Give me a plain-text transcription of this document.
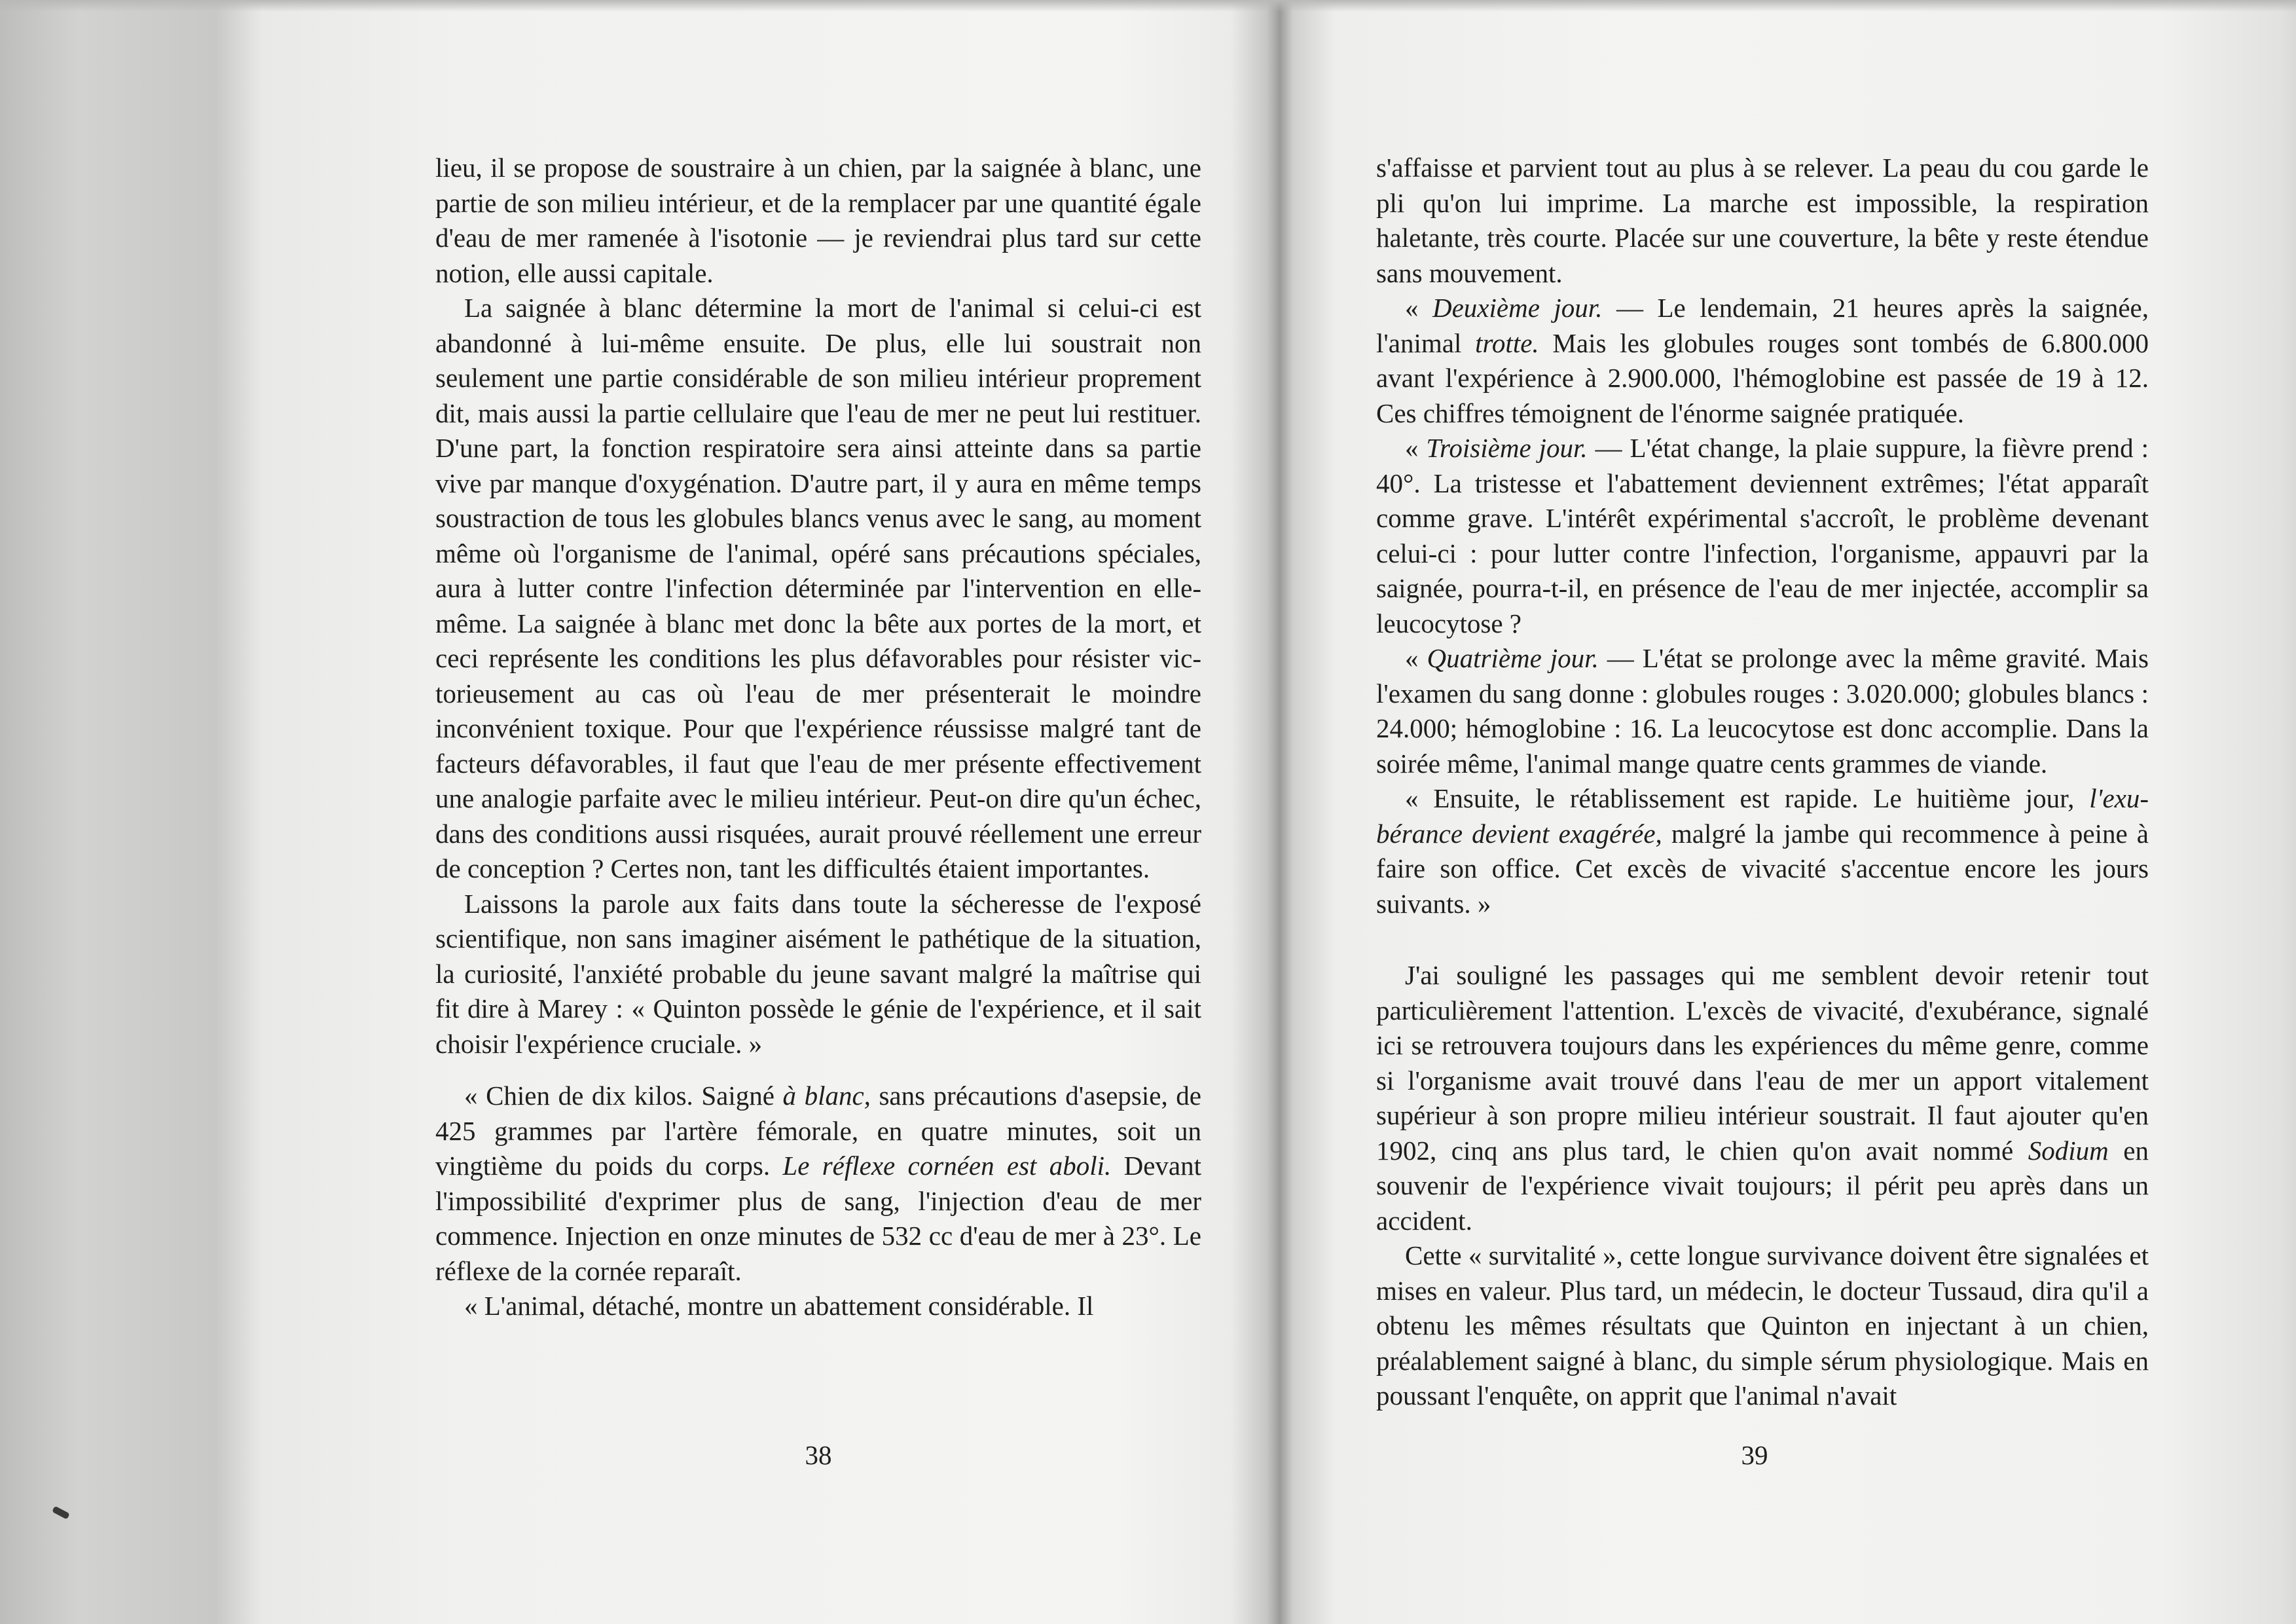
lieu, il se propose de soustraire à un chien, par la saignée à blanc, une partie de son milieu intérieur, et de la remplacer par une quantité égale d'eau de mer ramenée à l'isotonie — je reviendrai plus tard sur cette notion, elle aussi capitale.

La saignée à blanc détermine la mort de l'animal si celui-ci est abandonné à lui-même ensuite. De plus, elle lui soustrait non seulement une partie considérable de son milieu intérieur proprement dit, mais aussi la partie cellulaire que l'eau de mer ne peut lui restituer. D'une part, la fonction respiratoire sera ainsi atteinte dans sa partie vive par manque d'oxygénation. D'autre part, il y aura en même temps soustraction de tous les globules blancs venus avec le sang, au moment même où l'organisme de l'animal, opéré sans précautions spéciales, aura à lutter contre l'infection déterminée par l'intervention en elle-même. La saignée à blanc met donc la bête aux portes de la mort, et ceci représente les conditions les plus défavorables pour résister victorieusement au cas où l'eau de mer présenterait le moindre inconvénient toxique. Pour que l'expérience réussisse malgré tant de facteurs défavorables, il faut que l'eau de mer présente effectivement une analogie parfaite avec le milieu intérieur. Peut-on dire qu'un échec, dans des conditions aussi risquées, aurait prouvé réellement une erreur de conception ? Certes non, tant les difficultés étaient importantes.

Laissons la parole aux faits dans toute la sécheresse de l'exposé scientifique, non sans imaginer aisément le pathétique de la situation, la curiosité, l'anxiété probable du jeune savant malgré la maîtrise qui fit dire à Marey : « Quinton possède le génie de l'expérience, et il sait choisir l'expérience cruciale. »

« Chien de dix kilos. Saigné à blanc, sans précautions d'asepsie, de 425 grammes par l'artère fémorale, en quatre minutes, soit un vingtième du poids du corps. Le réflexe cornéen est aboli. Devant l'impossibilité d'exprimer plus de sang, l'injection d'eau de mer commence. Injection en onze minutes de 532 cc d'eau de mer à 23°. Le réflexe de la cornée reparaît.

« L'animal, détaché, montre un abattement considérable. Il

38

s'affaisse et parvient tout au plus à se relever. La peau du cou garde le pli qu'on lui imprime. La marche est impossible, la respiration haletante, très courte. Placée sur une couverture, la bête y reste étendue sans mouvement.

« Deuxième jour. — Le lendemain, 21 heures après la saignée, l'animal trotte. Mais les globules rouges sont tombés de 6.800.000 avant l'expérience à 2.900.000, l'hémoglobine est passée de 19 à 12. Ces chiffres témoignent de l'énorme saignée pratiquée.

« Troisième jour. — L'état change, la plaie suppure, la fièvre prend : 40°. La tristesse et l'abattement deviennent extrêmes; l'état apparaît comme grave. L'intérêt expérimental s'accroît, le problème devenant celui-ci : pour lutter contre l'infection, l'organisme, appauvri par la saignée, pourra-t-il, en présence de l'eau de mer injectée, accomplir sa leucocytose ?

« Quatrième jour. — L'état se prolonge avec la même gravité. Mais l'examen du sang donne : globules rouges : 3.020.000; globules blancs : 24.000; hémoglobine : 16. La leucocytose est donc accomplie. Dans la soirée même, l'animal mange quatre cents grammes de viande.

« Ensuite, le rétablissement est rapide. Le huitième jour, l'exubérance devient exagérée, malgré la jambe qui recommence à peine à faire son office. Cet excès de vivacité s'accentue encore les jours suivants. »

J'ai souligné les passages qui me semblent devoir retenir tout particulièrement l'attention. L'excès de vivacité, d'exubérance, signalé ici se retrouvera toujours dans les expériences du même genre, comme si l'organisme avait trouvé dans l'eau de mer un apport vitalement supérieur à son propre milieu intérieur soustrait. Il faut ajouter qu'en 1902, cinq ans plus tard, le chien qu'on avait nommé Sodium en souvenir de l'expérience vivait toujours; il périt peu après dans un accident.

Cette « survitalité », cette longue survivance doivent être signalées et mises en valeur. Plus tard, un médecin, le docteur Tussaud, dira qu'il a obtenu les mêmes résultats que Quinton en injectant à un chien, préalablement saigné à blanc, du simple sérum physiologique. Mais en poussant l'enquête, on apprit que l'animal n'avait

39
